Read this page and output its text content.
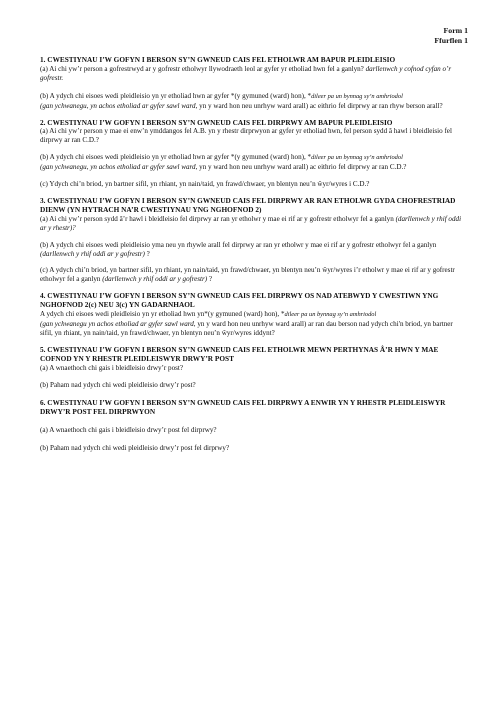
Form 1
Ffurflen 1
1. CWESTIYNAU I’W GOFYN I BERSON SY’N GWNEUD CAIS FEL ETHOLWR AM BAPUR PLEIDLEISIO

(a) Ai chi yw’r person a gofrestrwyd ar y gofrestr etholwyr llywodraeth leol ar gyfer yr etholiad hwn fel a ganlyn? darllenwch y cofnod cyfan o’r gofrestr.

(b) A ydych chi eisoes wedi pleidleisio yn yr etholiad hwn ar gyfer *(y gymuned (ward) hon), *dileer pa un bynnag sy’n amhriodol
(gan ychwanegu, yn achos etholiad ar gyfer sawl ward, yn y ward hon neu unrhyw ward arall) ac eithrio fel dirprwy ar ran rhyw berson arall?

2. CWESTIYNAU I’W GOFYN I BERSON SY’N GWNEUD CAIS FEL DIRPRWY AM BAPUR PLEIDLEISIO

(a) Ai chi yw’r person y mae ei enw’n ymddangos fel A.B. yn y rhestr dirprwyon ar gyfer yr etholiad hwn, fel person sydd â hawl i bleidleisio fel dirprwy ar ran C.D.?

(b) A ydych chi eisoes wedi pleidleisio yn yr etholiad hwn ar gyfer *(y gymuned (ward) hon), *dileer pa un bynnag sy’n amhriodol
(gan ychwanegu, yn achos etholiad ar gyfer sawl ward, yn y ward hon neu unrhyw ward arall) ac eithrio fel dirprwy ar ran C.D.?

(c) Ydych chi’n briod, yn bartner sifil, yn rhiant, yn nain/taid, yn frawd/chwaer, yn blentyn neu’n ŵyr/wyres i C.D.?

3. CWESTIYNAU I’W GOFYN I BERSON SY’N GWNEUD CAIS FEL DIRPRWY AR RAN ETHOLWR GYDA CHOFRESTRIAD DIENW (YN HYTRACH NA’R CWESTIYNAU YNG NGHOFNOD 2)

(a) Ai chi yw’r person sydd â’r hawl i bleidleisio fel dirprwy ar ran yr etholwr y mae ei rif ar y gofrestr etholwyr fel a ganlyn (darllenwch y rhif oddi ar y rhestr)?

(b) A ydych chi eisoes wedi pleidleisio yma neu yn rhywle arall fel dirprwy ar ran yr etholwr y mae ei rif ar y gofrestr etholwyr fel a ganlyn (darllenwch y rhif oddi ar y gofrestr) ?

(c) A ydych chi’n briod, yn bartner sifil, yn rhiant, yn nain/taid, yn frawd/chwaer, yn blentyn neu’n ŵyr/wyres i’r etholwr y mae ei rif ar y gofrestr etholwyr fel a ganlyn (darllenwch y rhif oddi ar y gofrestr) ?

4. CWESTIYNAU I’W GOFYN I BERSON SY’N GWNEUD CAIS FEL DIRPRWY OS NAD ATEBWYD Y CWESTIWN YNG NGHOFNOD 2(c) NEU 3(c) YN GADARNHAOL

A ydych chi eisoes wedi pleidleisio yn yr etholiad hwn yn*(y gymuned (ward) hon), *dileer pa un bynnag sy’n amhriodol
(gan ychwanegu yn achos etholiad ar gyfer sawl ward, yn y ward hon neu unrhyw ward arall) ar ran dau berson nad ydych chi'n briod, yn bartner sifil, yn rhiant, yn nain/taid, yn frawd/chwaer, yn blentyn neu’n ŵyr/wyres iddynt?

5. CWESTIYNAU I’W GOFYN I BERSON SY’N GWNEUD CAIS FEL ETHOLWR MEWN PERTHYNAS Â’R HWN Y MAE COFNOD YN Y RHESTR PLEIDLEISWYR DRWY’R POST

(a) A wnaethoch chi gais i bleidleisio drwy’r post?

(b) Paham nad ydych chi wedi pleidleisio drwy’r post?

6. CWESTIYNAU I’W GOFYN I BERSON SY’N GWNEUD CAIS FEL DIRPRWY A ENWIR YN Y RHESTR PLEIDLEISWYR DRWY’R POST FEL DIRPRWYON

(a) A wnaethoch chi gais i bleidleisio drwy’r post fel dirprwy?

(b) Paham nad ydych chi wedi pleidleisio drwy’r post fel dirprwy?
